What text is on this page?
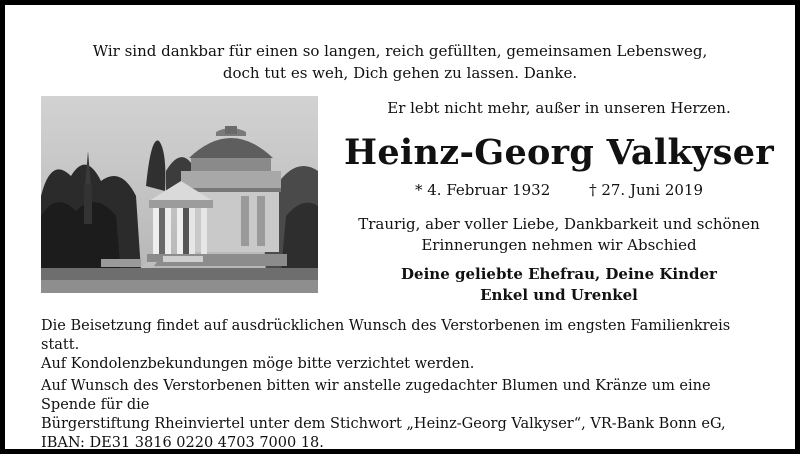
Wir sind dankbar für einen so langen, reich gefüllten, gemeinsamen Lebensweg,
doch tut es weh, Dich gehen zu lassen. Danke.
Er lebt nicht mehr, außer in unseren Herzen.
Heinz-Georg Valkyser
* 4. Februar 1932	† 27. Juni 2019
Traurig, aber voller Liebe, Dankbarkeit und schönen
Erinnerungen nehmen wir Abschied
Deine geliebte Ehefrau, Deine Kinder
Enkel und Urenkel

Die Beisetzung findet auf ausdrücklichen Wunsch des Verstorbenen im engsten Familienkreis statt.
Auf Kondolenzbekundungen möge bitte verzichtet werden.

Auf Wunsch des Verstorbenen bitten wir anstelle zugedachter Blumen und Kränze um eine Spende für die
Bürgerstiftung Rheinviertel unter dem Stichwort „Heinz-Georg Valkyser“, VR-Bank Bonn eG,
IBAN: DE31 3816 0220 4703 7000 18.
